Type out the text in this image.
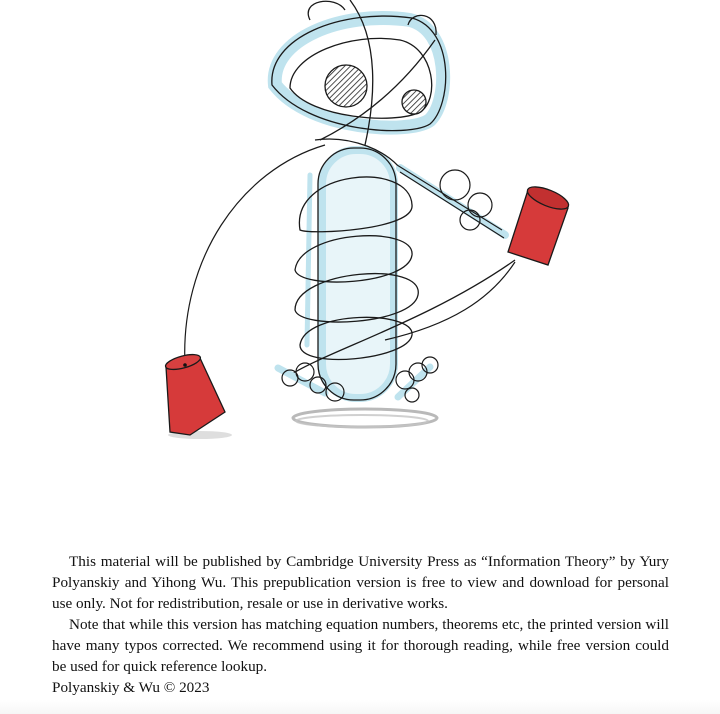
This material will be published by Cambridge University Press as “Information Theory” by Yury Polyanskiy and Yihong Wu. This prepublication version is free to view and download for personal use only. Not for redistribution, resale or use in derivative works.

Note that while this version has matching equation numbers, theorems etc, the printed version will have many typos corrected. We recommend using it for thorough reading, while free version could be used for quick reference lookup.

Polyanskiy & Wu © 2023
